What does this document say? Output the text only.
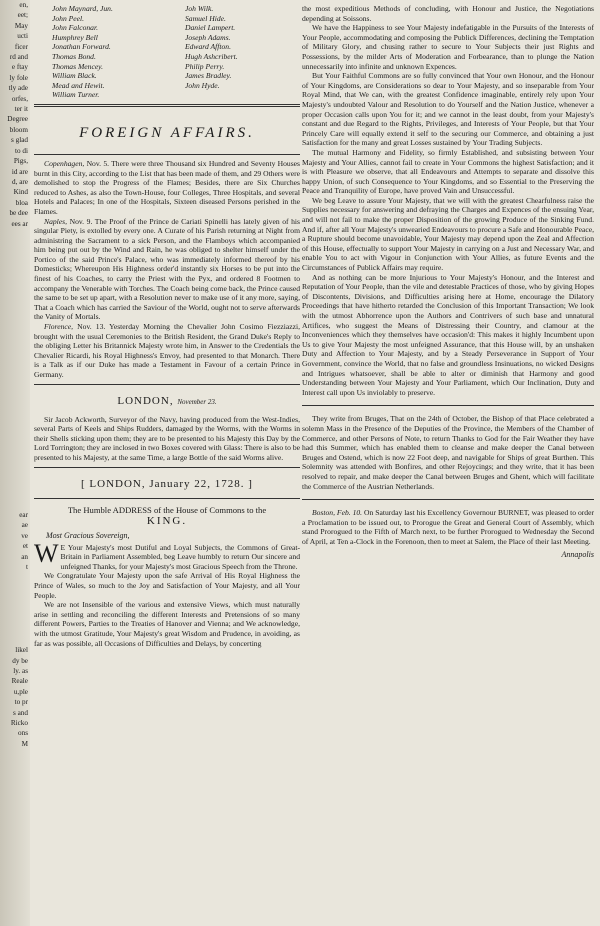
en,
eet;
May
ucti
ficer
rd and
e ftay
ly fole
tly ade
orfes,
ter it
Degree
bloom
s glad
to di
Pigs,
id are
d, are
Kind
bloa
be dee
ees ar

ear
ae
ve
et
an
t

likel
dy be
ly. as
Reale
u,ple
to pr
s and
Ricko
ons
M

John Maynard, Jun.
John Peel.
John Falconar.
Humphrey Bell
Jonathan Forward.
Thomas Bond.
Thomas Mencey.
William Black.
Mead and Hewit.
William Turner.
Joh Wilk.
Samuel Hide.
Daniel Lampert.
Joseph Adams.
Edward Affton.
Hugh Ashcribert.
Philip Perry.
James Bradley.
John Hyde.
FOREIGN AFFAIRS.

Copenhagen, Nov. 5. There were three Thousand six Hundred and Seventy Houses burnt in this City, according to the List that has been made of them, and 29 Others were demolished to stop the Progress of the Flames; Besides, there are Six Churches reduced to Ashes, as also the Town-House, four Colleges, Three Hospitals, and several Hotels and Palaces; In one of the Hospitals, Sixteen diseased Persons perished in the Flames.

Naples, Nov. 9. The Proof of the Prince de Cariati Spinelli has lately given of his singular Piety, is extolled by every one. A Curate of his Parish returning at Night from administring the Sacrament to a sick Person, and the Flamboys which accompanied him being put out by the Wind and Rain, he was obliged to shelter himself under the Portico of the said Prince's Palace, who was immediately informed thereof by his Domesticks; Whereupon His Highness order'd instantly six Horses to be put into the finest of his Coaches, to carry the Priest with the Pyx, and ordered 8 Footmen to accompany the Venerable with Torches. The Coach being come back, the Prince caused the same to be set up apart, with a Resolution never to make use of it any more, saying, That a Coach which has carried the Saviour of the World, ought not to serve afterwards the Vanity of Mortals.

Florence, Nov. 13. Yesterday Morning the Chevalier John Cosimo Fiezziazzi, brought with the usual Ceremonies to the British Resident, the Grand Duke's Reply to the obliging Letter his Britannick Majesty wrote him, in Answer to the Credentials the Chevalier Ricardi, his Royal Highness's Envoy, had presented to that Monarch. There is a Talk as if our Duke has made a Testament in Favour of a certain Prince in Germany.

LONDON, November 23.

Sir Jacob Ackworth, Surveyor of the Navy, having produced from the West-Indies, several Parts of Keels and Ships Rudders, damaged by the Worms, with the Worms in their Shells sticking upon them; they are to be presented to his Majesty this Day by the Lord Torrington; they are inclosed in two Boxes covered with Glass: There is also to be presented to his Majesty, at the same Time, a large Bottle of the said Worms alive.

[ LONDON, January 22, 1728. ]
The Humble ADDRESS of the House of Commons to the
KING.
Most Gracious Sovereign,

W E Your Majesty's most Dutiful and Loyal Subjects, the Commons of Great-Britain in Parliament Assembled, beg Leave humbly to return Our sincere and unfeigned Thanks, for your Majesty's most Gracious Speech from the Throne.

We Congratulate Your Majesty upon the safe Arrival of His Royal Highness the Prince of Wales, so much to the Joy and Satisfaction of Your Majesty, and all Your People.

We are not Insensible of the various and extensive Views, which must naturally arise in settling and reconciling the different Interests and Pretensions of so many different Powers, Parties to the Treaties of Hanover and Vienna; and We acknowledge, with the utmost Gratitude, Your Majesty's great Wisdom and Prudence, in avoiding, as far as was possible, all Occasions of Difficulties and Delays, by concerting

the most expeditious Methods of concluding, with Honour and Justice, the Negotiations depending at Soissons.

We have the Happiness to see Your Majesty indefatigable in the Pursuits of the Interests of Your People, accommodating and composing the Publick Differences, declining the Temptation of Military Glory, and chusing rather to secure to Your Subjects their just Rights and Possessions, by the milder Arts of Moderation and Forbearance, than to plunge the Nation unnecessarily into infinite and unknown Expences.

But Your Faithful Commons are so fully convinced that Your own Honour, and the Honour of Your Kingdoms, are Considerations so dear to Your Majesty, and so inseparable from Your Royal Mind, that We can, with the greatest Confidence imaginable, entirely rely upon Your Majesty's undoubted Valour and Resolution to do Yourself and the Nation Justice, whenever a proper Occasion calls upon You for it; and we cannot in the least doubt, from your Majesty's constant and due Regard to the Rights, Privileges, and Interests of Your People, but that Your Princely Care will equally extend it self to the securing our Commerce, and obtaining a just Satisfaction for the many and great Losses sustained by Your Trading Subjects.

The mutual Harmony and Fidelity, so firmly Established, and subsisting between Your Majesty and Your Allies, cannot fail to create in Your Commons the highest Satisfaction; and it is with Pleasure we observe, that all Endeavours and Attempts to separate and dissolve this happy Union, of such Consequence to Your Kingdoms, and so Essential to the Preserving the Peace and Tranquility of Europe, have proved Vain and Unsuccessful.

We beg Leave to assure Your Majesty, that we will with the greatest Chearfulness raise the Supplies necessary for answering and defraying the Charges and Expences of the ensuing Year, and will not fail to make the proper Disposition of the growing Produce of the Sinking Fund. And if, after all Your Majesty's unwearied Endeavours to procure a Safe and Honourable Peace, a Rupture should become unavoidable, Your Majesty may depend upon the Zeal and Affection of this House, effectually to support Your Majesty in carrying on a Just and Necessary War, and enable You to act with Vigour in Conjunction with Your Allies, as future Events and the Circumstances of Publick Affairs may require.

And as nothing can be more Injurious to Your Majesty's Honour, and the Interest and Reputation of Your People, than the vile and detestable Practices of those, who by giving Hopes of Discontents, Divisions, and Difficulties arising here at Home, encourage the Dilatory Proceedings that have hitherto retarded the Conclusion of this Important Transaction; We look with the utmost Abhorrence upon the Authors and Contrivers of such base and unnatural Artifices, who suggest the Means of Distressing their Country, and clamour at the Inconveniences which they themselves have occasion'd: This makes it highly Incumbent upon Us to give Your Majesty the most unfeigned Assurance, that this House will, by an unshaken Duty and Affection to Your Majesty, and by a Steady Perseverance in Support of Your Government, convince the World, that no false and groundless Insinuations, no wicked Designs and Intrigues whatsoever, shall be able to alter or diminish that Harmony and good Understanding between Your Majesty and Your Parliament, which Our Inclination, Duty and Interest call upon Us inviolably to preserve.

They write from Bruges, That on the 24th of October, the Bishop of that Place celebrated a solemn Mass in the Presence of the Deputies of the Province, the Members of the Chamber of Commerce, and other Persons of Note, to return Thanks to God for the Fair Weather they have had this Summer, which has enabled them to cleanse and make deeper the Canal between Bruges and Ostend, which is now 22 Foot deep, and navigable for Ships of great Burthen. This Solemnity was attended with Bonfires, and other Rejoycings; and they write, that it has been resolved to repair, and make deeper the Canal between Bruges and Ghent, which will facilitate the Commerce of the Austrian Netherlands.

Boston, Feb. 10. On Saturday last his Excellency Governour BURNET, was pleased to order a Proclamation to be issued out, to Prorogue the Great and General Court of Assembly, which stand Prorogued to the Fifth of March next, to be further Prorogued to Wednesday the Second of April, at Ten a-Clock in the Forenoon, then to meet at Salem, the Place of their last Meeting.

Annapolis
